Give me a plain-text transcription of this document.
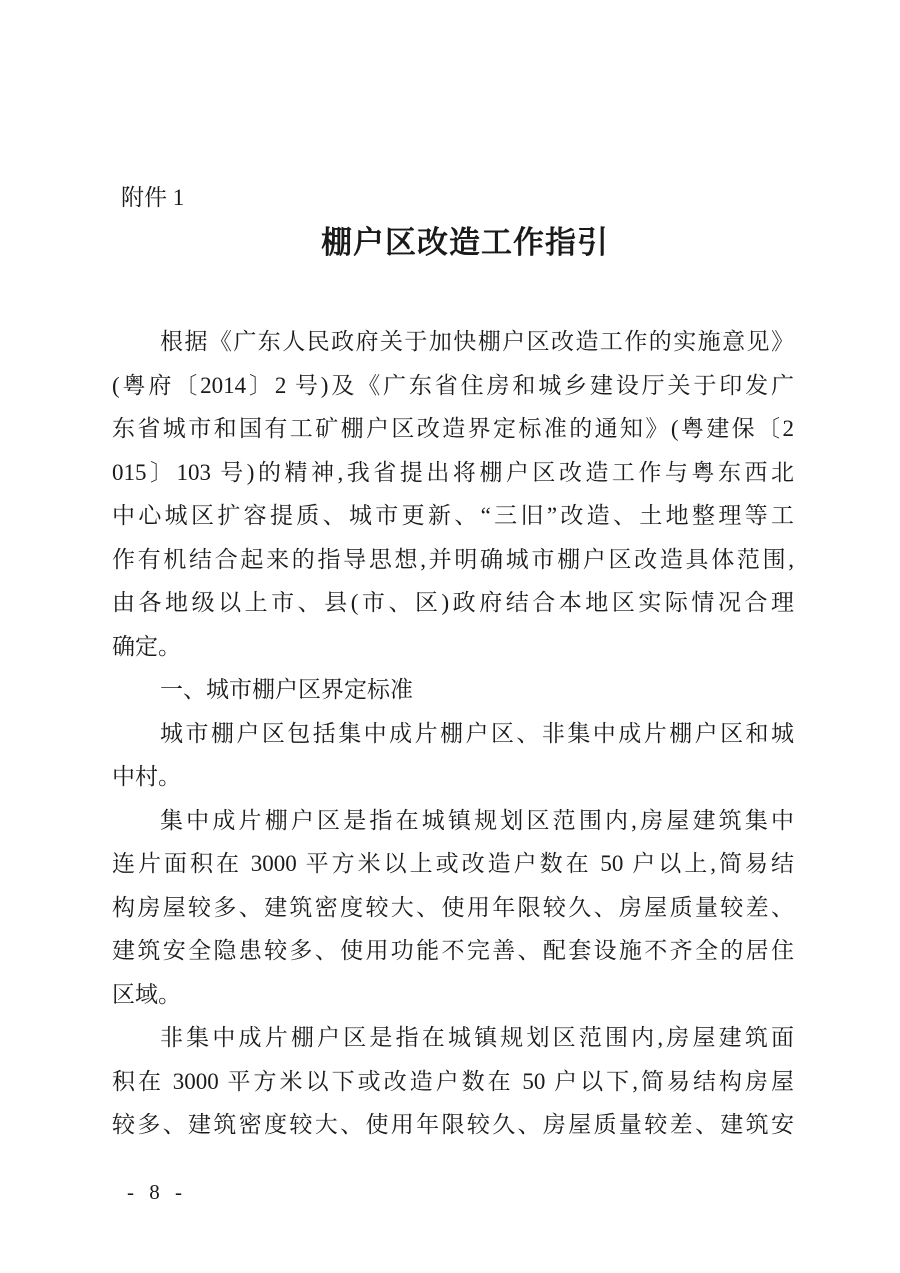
附件 1
棚户区改造工作指引
根据《广东人民政府关于加快棚户区改造工作的实施意见》
(粤府〔2014〕2 号)及《广东省住房和城乡建设厅关于印发广
东省城市和国有工矿棚户区改造界定标准的通知》(粤建保〔2
015〕103 号)的精神,我省提出将棚户区改造工作与粤东西北
中心城区扩容提质、城市更新、“三旧”改造、土地整理等工
作有机结合起来的指导思想,并明确城市棚户区改造具体范围,
由各地级以上市、县(市、区)政府结合本地区实际情况合理
确定。
一、城市棚户区界定标准
城市棚户区包括集中成片棚户区、非集中成片棚户区和城
中村。
集中成片棚户区是指在城镇规划区范围内,房屋建筑集中
连片面积在 3000 平方米以上或改造户数在 50 户以上,简易结
构房屋较多、建筑密度较大、使用年限较久、房屋质量较差、
建筑安全隐患较多、使用功能不完善、配套设施不齐全的居住
区域。
非集中成片棚户区是指在城镇规划区范围内,房屋建筑面
积在 3000 平方米以下或改造户数在 50 户以下,简易结构房屋
较多、建筑密度较大、使用年限较久、房屋质量较差、建筑安
- 8 -
